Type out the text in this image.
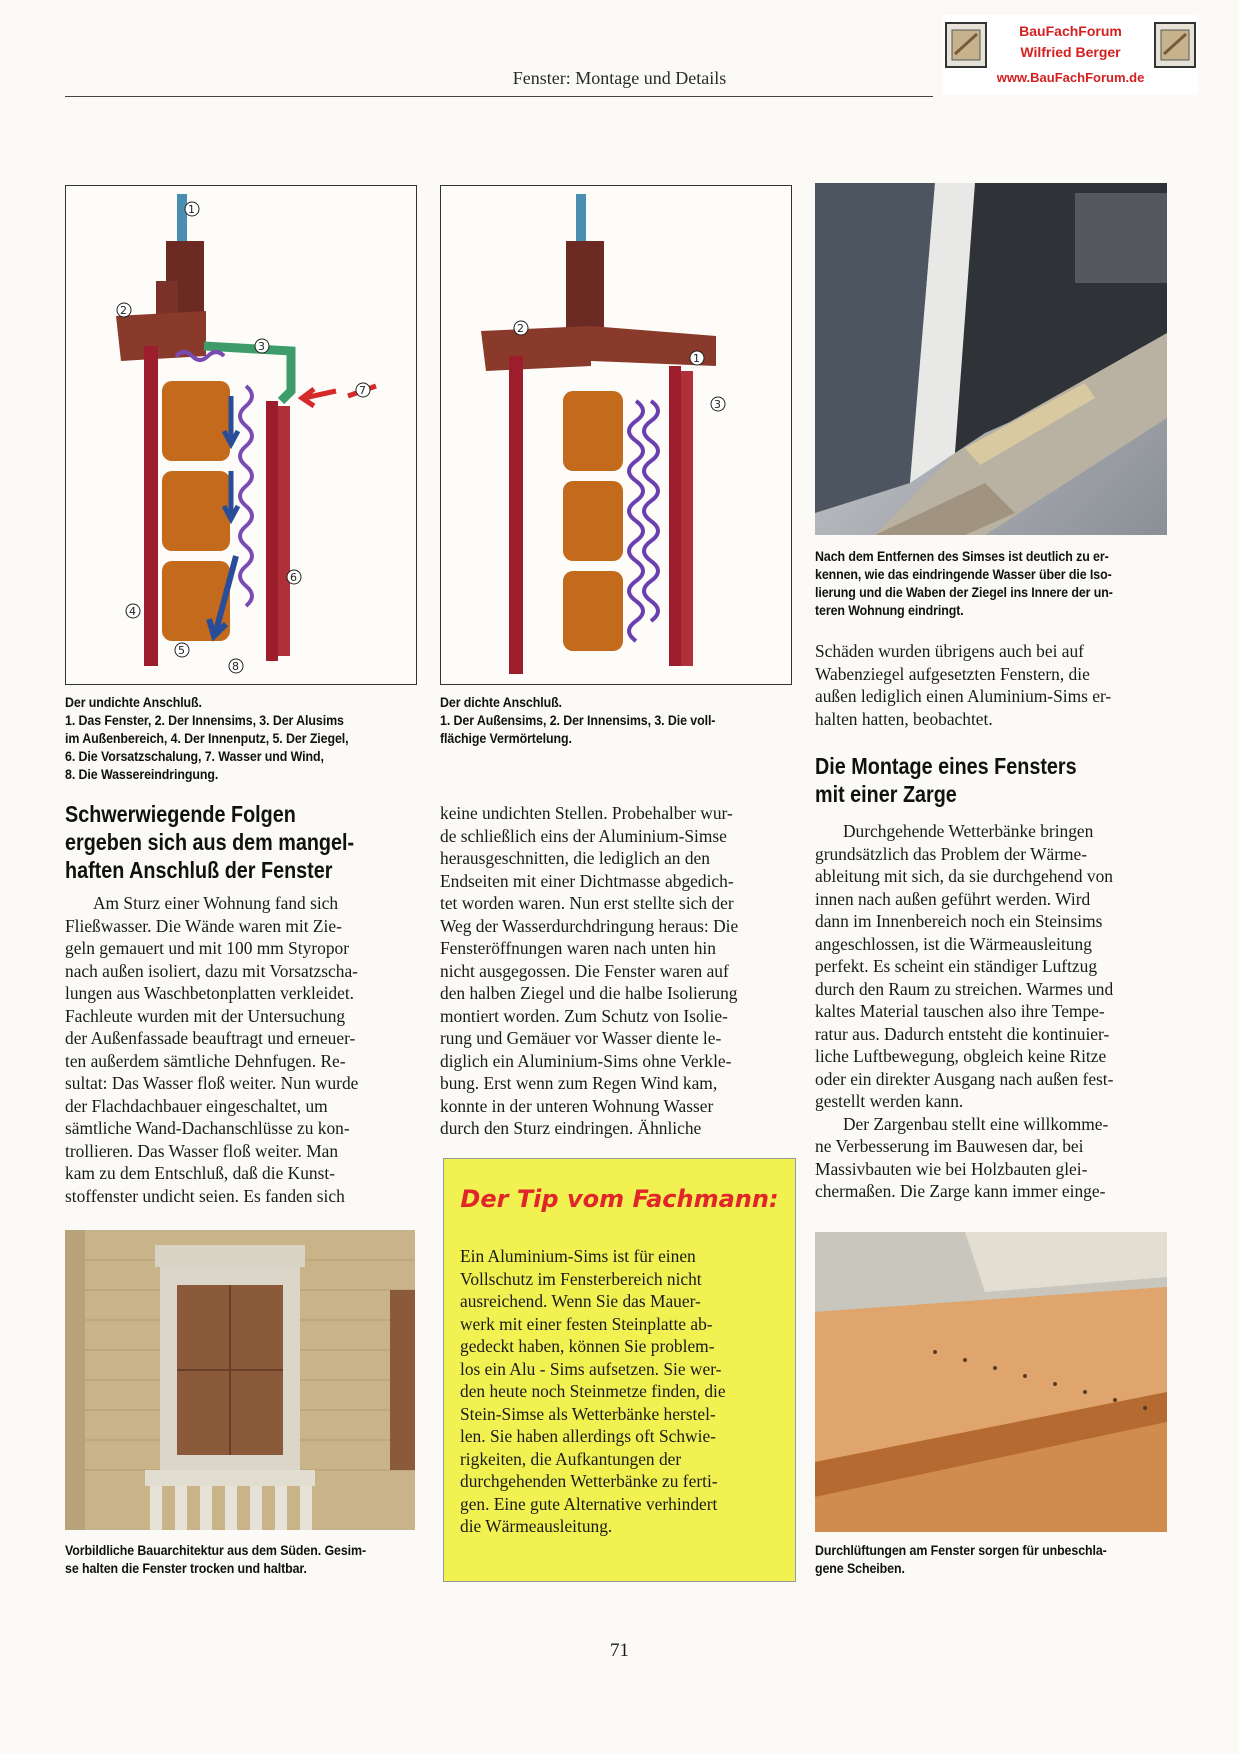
Fenster: Montage und Details
BauFachForum
Wilfried Berger
www.BauFachForum.de
1
2
3
4
5
6
7
8
Der undichte Anschluß.
1. Das Fenster, 2. Der Innensims, 3. Der Alusims
im Außenbereich, 4. Der Innenputz, 5. Der Ziegel,
6. Die Vorsatzschalung, 7. Wasser und Wind,
8. Die Wassereindringung.
1
2
3
Der dichte Anschluß.
1. Der Außensims, 2. Der Innensims, 3. Die voll-
flächige Vermörtelung.
Nach dem Entfernen des Simses ist deutlich zu er-
kennen, wie das eindringende Wasser über die Iso-
lierung und die Waben der Ziegel ins Innere der un-
teren Wohnung eindringt.

Schäden wurden übrigens auch bei auf
Wabenziegel aufgesetzten Fenstern, die
außen lediglich einen Aluminium-Sims er-
halten hatten, beobachtet.

Die Montage eines Fensters
mit einer Zarge
Durchgehende Wetterbänke bringen
grundsätzlich das Problem der Wärme-
ableitung mit sich, da sie durchgehend von
innen nach außen geführt werden. Wird
dann im Innenbereich noch ein Steinsims
angeschlossen, ist die Wärmeausleitung
perfekt. Es scheint ein ständiger Luftzug
durch den Raum zu streichen. Warmes und
kaltes Material tauschen also ihre Tempe-
ratur aus. Dadurch entsteht die kontinuier-
liche Luftbewegung, obgleich keine Ritze
oder ein direkter Ausgang nach außen fest-
gestellt werden kann.
Der Zargenbau stellt eine willkomme-
ne Verbesserung im Bauwesen dar, bei
Massivbauten wie bei Holzbauten glei-
chermaßen. Die Zarge kann immer einge-
Schwerwiegende Folgen
ergeben sich aus dem mangel-
haften Anschluß der Fenster
Am Sturz einer Wohnung fand sich
Fließwasser. Die Wände waren mit Zie-
geln gemauert und mit 100 mm Styropor
nach außen isoliert, dazu mit Vorsatzscha-
lungen aus Waschbetonplatten verkleidet.
Fachleute wurden mit der Untersuchung
der Außenfassade beauftragt und erneuer-
ten außerdem sämtliche Dehnfugen. Re-
sultat: Das Wasser floß weiter. Nun wurde
der Flachdachbauer eingeschaltet, um
sämtliche Wand-Dachanschlüsse zu kon-
trollieren. Das Wasser floß weiter. Man
kam zu dem Entschluß, daß die Kunst-
stoffenster undicht seien. Es fanden sich
keine undichten Stellen. Probehalber wur-
de schließlich eins der Aluminium-Simse
herausgeschnitten, die lediglich an den
Endseiten mit einer Dichtmasse abgedich-
tet worden waren. Nun erst stellte sich der
Weg der Wasserdurchdringung heraus: Die
Fensteröffnungen waren nach unten hin
nicht ausgegossen. Die Fenster waren auf
den halben Ziegel und die halbe Isolierung
montiert worden. Zum Schutz von Isolie-
rung und Gemäuer vor Wasser diente le-
diglich ein Aluminium-Sims ohne Verkle-
bung. Erst wenn zum Regen Wind kam,
konnte in der unteren Wohnung Wasser
durch den Sturz eindringen. Ähnliche
Der Tip vom Fachmann:
Ein Aluminium-Sims ist für einen
Vollschutz im Fensterbereich nicht
ausreichend. Wenn Sie das Mauer-
werk mit einer festen Steinplatte ab-
gedeckt haben, können Sie problem-
los ein Alu - Sims aufsetzen. Sie wer-
den heute noch Steinmetze finden, die
Stein-Simse als Wetterbänke herstel-
len. Sie haben allerdings oft Schwie-
rigkeiten, die Aufkantungen der
durchgehenden Wetterbänke zu ferti-
gen. Eine gute Alternative verhindert
die Wärmeausleitung.
Vorbildliche Bauarchitektur aus dem Süden. Gesim-
se halten die Fenster trocken und haltbar.
Durchlüftungen am Fenster sorgen für unbeschla-
gene Scheiben.
71
